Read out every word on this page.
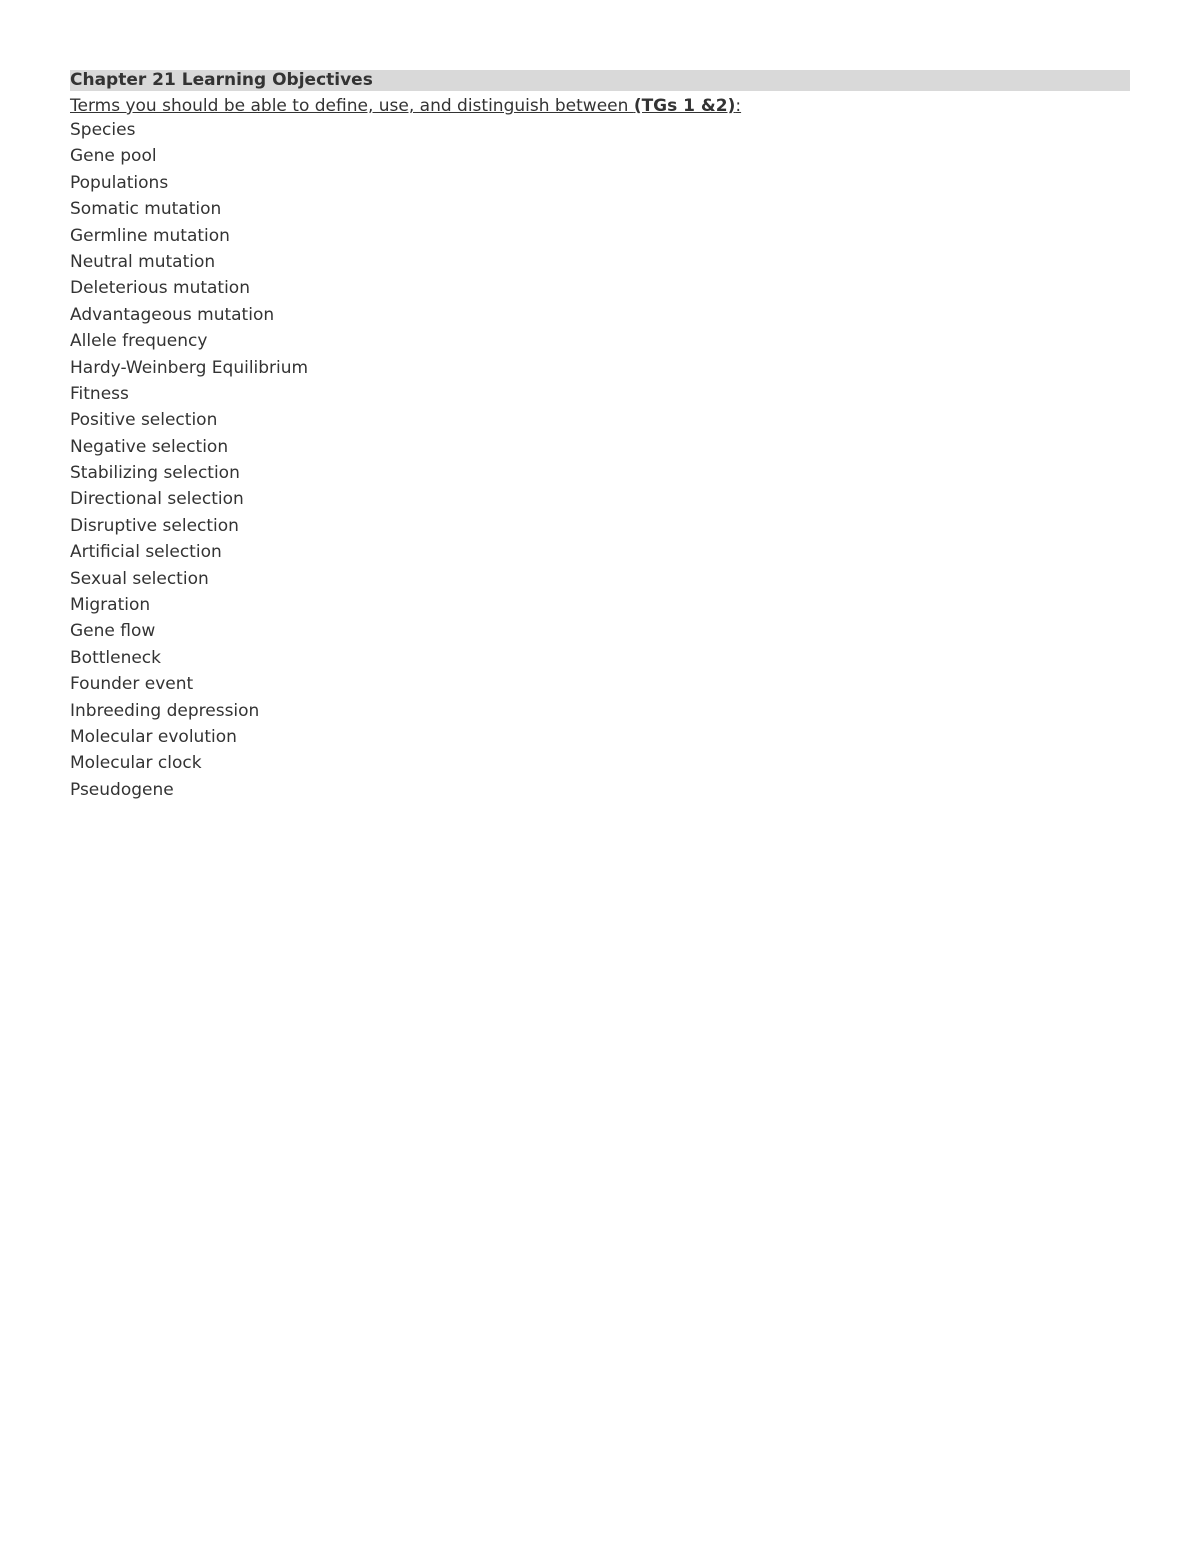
Chapter 21 Learning Objectives
Terms you should be able to define, use, and distinguish between (TGs 1 &2):
Species
Gene pool
Populations
Somatic mutation
Germline mutation
Neutral mutation
Deleterious mutation
Advantageous mutation
Allele frequency
Hardy-Weinberg Equilibrium
Fitness
Positive selection
Negative selection
Stabilizing selection
Directional selection
Disruptive selection
Artificial selection
Sexual selection
Migration
Gene flow
Bottleneck
Founder event
Inbreeding depression
Molecular evolution
Molecular clock
Pseudogene
